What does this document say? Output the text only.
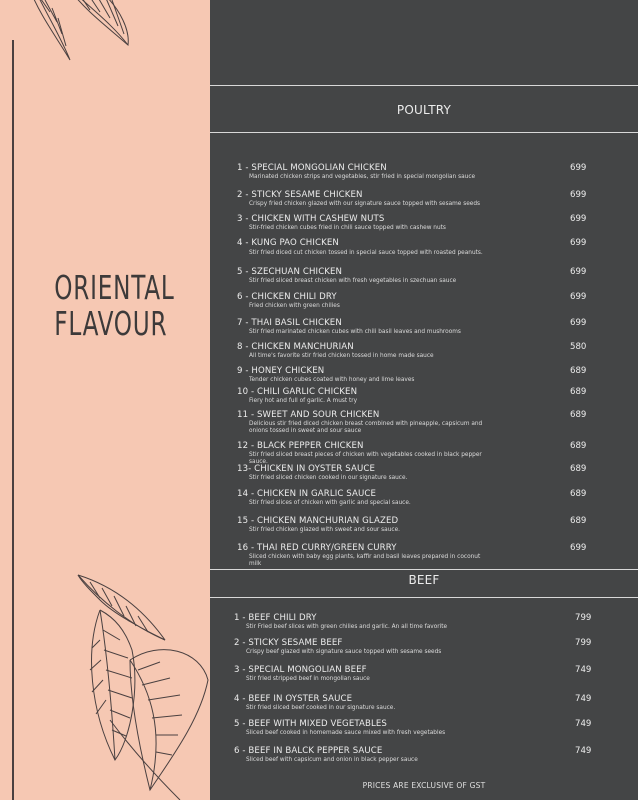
ORIENTAL
FLAVOUR
POULTRY
1 - SPECIAL MONGOLIAN CHICKEN
Marinated chicken strips and vegetables, stir fried in special mongolian sauce
699
2 - STICKY SESAME CHICKEN
Crispy fried chicken glazed with our signature sauce topped with sesame seeds
699
3 - CHICKEN WITH CASHEW NUTS
Stir-fried chicken cubes fried in chili sauce topped with cashew nuts
699
4 - KUNG PAO CHICKEN
Stir fried diced cut chicken tossed in special sauce topped with roasted peanuts.
699
5 - SZECHUAN CHICKEN
Stir fried sliced breast chicken with fresh vegetables in szechuan sauce
699
6 - CHICKEN CHILI DRY
Fried chicken with green chilies
699
7 - THAI BASIL CHICKEN
Stir fried marinated chicken cubes with chili basil leaves and mushrooms
699
8 - CHICKEN MANCHURIAN
All time's favorite stir fried chicken tossed in home made sauce
580
9 - HONEY CHICKEN
Tender chicken cubes coated with honey and lime leaves
689
10 - CHILI GARLIC CHICKEN
Fiery hot and full of garlic. A must try
689
11 - SWEET AND SOUR CHICKEN
Delicious stir fried diced chicken breast combined with pineapple, capsicum and onions tossed in sweet and sour sauce
689
12 - BLACK PEPPER CHICKEN
Stir fried sliced breast pieces of chicken with vegetables cooked in black pepper sauce.
689
13- CHICKEN IN OYSTER SAUCE
Stir fried sliced chicken cooked in our signature sauce.
689
14 - CHICKEN IN GARLIC SAUCE
Stir fried slices of chicken with garlic and special sauce.
689
15 - CHICKEN MANCHURIAN GLAZED
Stir fried chicken glazed with sweet and sour sauce.
689
16 - THAI RED CURRY/GREEN CURRY
Sliced chicken with baby egg plants, kaffir and basil leaves prepared in coconut milk
699
BEEF
1 - BEEF CHILI DRY
Stir Fried beef slices with green chilies and garlic. An all time favorite
799
2 - STICKY SESAME BEEF
Crispy beef glazed with signature sauce topped with sesame seeds
799
3 - SPECIAL MONGOLIAN BEEF
Stir fried stripped beef in mongolian sauce
749
4 - BEEF IN OYSTER SAUCE
Stir fried sliced beef cooked in our signature sauce.
749
5 - BEEF WITH MIXED VEGETABLES
Sliced beef cooked in homemade sauce mixed with fresh vegetables
749
6 - BEEF IN BALCK PEPPER SAUCE
Sliced beef with capsicum and onion in black pepper sauce
749
PRICES ARE EXCLUSIVE OF GST
